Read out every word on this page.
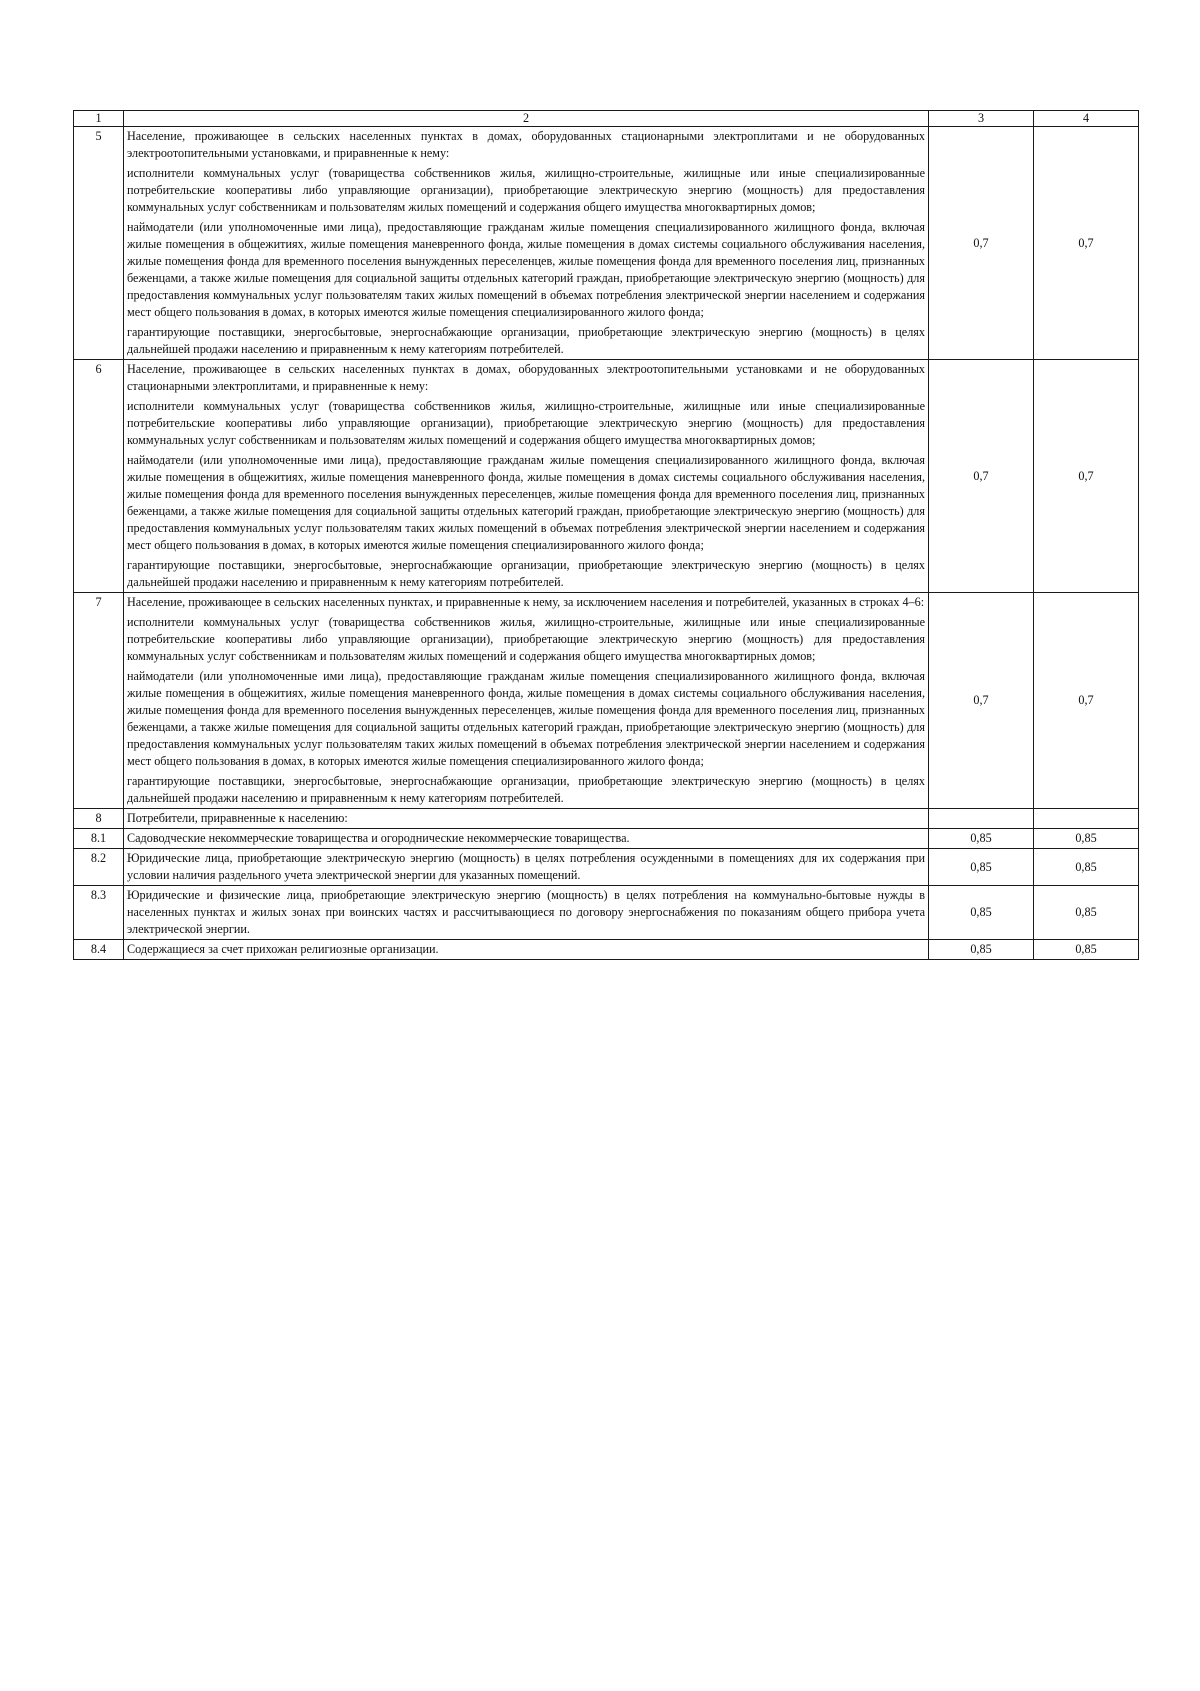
1	2	3	4
5	Население, проживающее в сельских населенных пунктах в домах, оборудованных стационарными электроплитами и не оборудованных электроотопительными установками, и приравненные к нему:
исполнители коммунальных услуг (товарищества собственников жилья, жилищно-строительные, жилищные или иные специализированные потребительские кооперативы либо управляющие организации), приобретающие электрическую энергию (мощность) для предоставления коммунальных услуг собственникам и пользователям жилых помещений и содержания общего имущества многоквартирных домов;
наймодатели (или уполномоченные ими лица), предоставляющие гражданам жилые помещения специализированного жилищного фонда, включая жилые помещения в общежитиях, жилые помещения маневренного фонда, жилые помещения в домах системы социального обслуживания населения, жилые помещения фонда для временного поселения вынужденных переселенцев, жилые помещения фонда для временного поселения лиц, признанных беженцами, а также жилые помещения для социальной защиты отдельных категорий граждан, приобретающие электрическую энергию (мощность) для предоставления коммунальных услуг пользователям таких жилых помещений в объемах потребления электрической энергии населением и содержания мест общего пользования в домах, в которых имеются жилые помещения специализированного жилого фонда;
гарантирующие поставщики, энергосбытовые, энергоснабжающие организации, приобретающие электрическую энергию (мощность) в целях дальнейшей продажи населению и приравненным к нему категориям потребителей.	0,7	0,7
6	Население, проживающее в сельских населенных пунктах в домах, оборудованных электроотопительными установками и не оборудованных стационарными электроплитами, и приравненные к нему:
исполнители коммунальных услуг (товарищества собственников жилья, жилищно-строительные, жилищные или иные специализированные потребительские кооперативы либо управляющие организации), приобретающие электрическую энергию (мощность) для предоставления коммунальных услуг собственникам и пользователям жилых помещений и содержания общего имущества многоквартирных домов;
наймодатели (или уполномоченные ими лица), предоставляющие гражданам жилые помещения специализированного жилищного фонда, включая жилые помещения в общежитиях, жилые помещения маневренного фонда, жилые помещения в домах системы социального обслуживания населения, жилые помещения фонда для временного поселения вынужденных переселенцев, жилые помещения фонда для временного поселения лиц, признанных беженцами, а также жилые помещения для социальной защиты отдельных категорий граждан, приобретающие электрическую энергию (мощность) для предоставления коммунальных услуг пользователям таких жилых помещений в объемах потребления электрической энергии населением и содержания мест общего пользования в домах, в которых имеются жилые помещения специализированного жилого фонда;
гарантирующие поставщики, энергосбытовые, энергоснабжающие организации, приобретающие электрическую энергию (мощность) в целях дальнейшей продажи населению и приравненным к нему категориям потребителей.	0,7	0,7
7	Население, проживающее в сельских населенных пунктах, и приравненные к нему, за исключением населения и потребителей, указанных в строках 4–6:
исполнители коммунальных услуг (товарищества собственников жилья, жилищно-строительные, жилищные или иные специализированные потребительские кооперативы либо управляющие организации), приобретающие электрическую энергию (мощность) для предоставления коммунальных услуг собственникам и пользователям жилых помещений и содержания общего имущества многоквартирных домов;
наймодатели (или уполномоченные ими лица), предоставляющие гражданам жилые помещения специализированного жилищного фонда, включая жилые помещения в общежитиях, жилые помещения маневренного фонда, жилые помещения в домах системы социального обслуживания населения, жилые помещения фонда для временного поселения вынужденных переселенцев, жилые помещения фонда для временного поселения лиц, признанных беженцами, а также жилые помещения для социальной защиты отдельных категорий граждан, приобретающие электрическую энергию (мощность) для предоставления коммунальных услуг пользователям таких жилых помещений в объемах потребления электрической энергии населением и содержания мест общего пользования в домах, в которых имеются жилые помещения специализированного жилого фонда;
гарантирующие поставщики, энергосбытовые, энергоснабжающие организации, приобретающие электрическую энергию (мощность) в целях дальнейшей продажи населению и приравненным к нему категориям потребителей.	0,7	0,7
8	Потребители, приравненные к населению:		

8.1	Садоводческие некоммерческие товарищества и огороднические некоммерческие товарищества.	0,85	0,85
8.2	Юридические лица, приобретающие электрическую энергию (мощность) в целях потребления осужденными в помещениях для их содержания при условии наличия раздельного учета электрической энергии для указанных помещений.	0,85	0,85
8.3	Юридические и физические лица, приобретающие электрическую энергию (мощность) в целях потребления на коммунально-бытовые нужды в населенных пунктах и жилых зонах при воинских частях и рассчитывающиеся по договору энергоснабжения по показаниям общего прибора учета электрической энергии.	0,85	0,85
8.4	Содержащиеся за счет прихожан религиозные организации.	0,85	0,85
